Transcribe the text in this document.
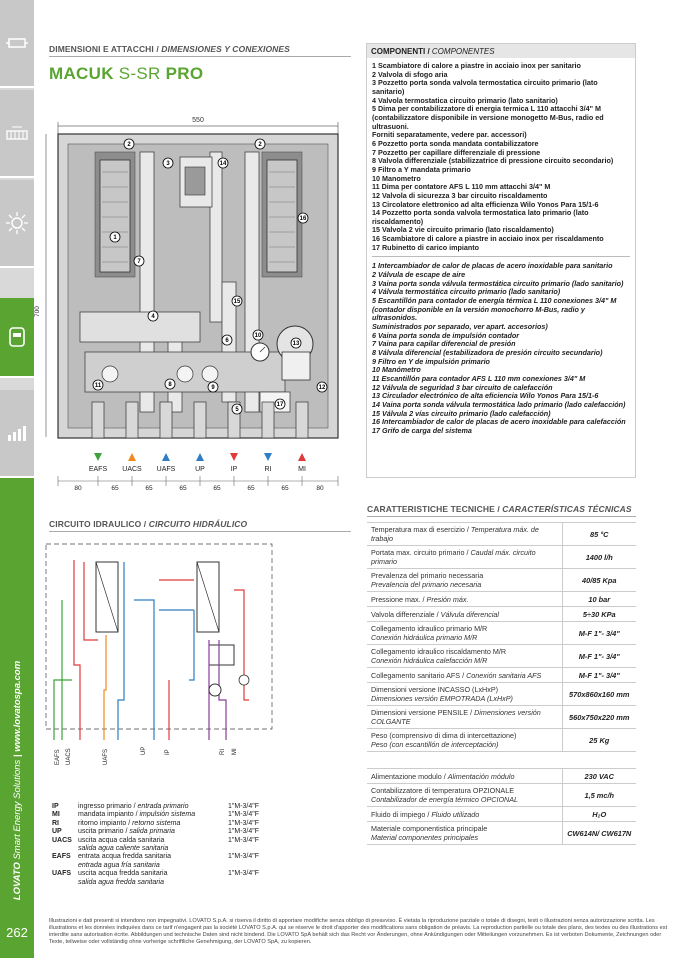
LOVATO Smart Energy Solutions | www.lovatospa.com
262
DIMENSIONI E ATTACCHI / DIMENSIONES Y CONEXIONES
MACUK S-SR PRO
550
700
1
2	2
3
4
5
6
7
8	9
10
11	12
13
14
15
16
17
EAFS UACS UAFS	UP	IP	RI	MI
80	65	65	65	65	65	65	80
COMPONENTI / COMPONENTES
1 Scambiatore di calore a piastre in acciaio inox per sanitario
2 Valvola di sfogo aria
3 Pozzetto porta sonda valvola termostatica circuito primario (lato sanitario)
4 Valvola termostatica circuito primario (lato sanitario)
5 Dima per contabilizzatore di energia termica L 110 attacchi 3/4" M
(contabilizzatore disponibile in versione monogetto M-Bus, radio ed ultrasuoni.
Forniti separatamente, vedere par. accessori)
6 Pozzetto porta sonda mandata contabilizzatore
7 Pozzetto per capillare differenziale di pressione
8 Valvola differenziale (stabilizzatrice di pressione circuito secondario)
9 Filtro a Y mandata primario
10 Manometro
11 Dima per contatore AFS L 110 mm attacchi 3/4" M
12 Valvola di sicurezza 3 bar circuito riscaldamento
13 Circolatore elettronico ad alta efficienza Wilo Yonos Para 15/1-6
14 Pozzetto porta sonda valvola termostatica lato primario (lato riscaldamento)
15 Valvola 2 vie circuito primario (lato riscaldamento)
16 Scambiatore di calore a piastre in acciaio inox per riscaldamento
17 Rubinetto di carico impianto
1 Intercambiador de calor de placas de acero inoxidable para sanitario
2 Válvula de escape de aire
3 Vaina porta sonda válvula termostática circuito primario (lado sanitario)
4 Válvula termostática circuito primario (lado sanitario)
5 Escantillón para contador de energía térmica L 110 conexiones 3/4" M
(contador disponible en la versión monochorro M-Bus, radio y ultrasonidos.
Suministrados por separado, ver apart. accesorios)
6 Vaina porta sonda de impulsión contador
7 Vaina para capilar diferencial de presión
8 Válvula diferencial (estabilizadora de presión circuito secundario)
9 Filtro en Y de impulsión primario
10 Manómetro
11 Escantillón para contador AFS L 110 mm conexiones 3/4" M
12 Válvula de seguridad 3 bar circuito de calefacción
13 Circulador electrónico de alta eficiencia Wilo Yonos Para 15/1-6
14 Vaina porta sonda válvula termostática lado primario (lado calefacción)
15 Válvula 2 vías circuito primario (lado calefacción)
16 Intercambiador de calor de placas de acero inoxidable para calefacción
17 Grifo de carga del sistema
CIRCUITO IDRAULICO / CIRCUITO HIDRÁULICO
EAFS UACS	UAFS	UP	IP	RI MI
IP	ingresso primario / entrada primario	1"M-3/4"F
MI	mandata impianto / impulsión sistema	1"M-3/4"F
RI	ritorno impianto / retorno sistema	1"M-3/4"F
UP	uscita primario / salida primaria	1"M-3/4"F
UACS	uscita acqua calda sanitaria
salida agua caliente sanitaria	1"M-3/4"F
EAFS	entrata acqua fredda sanitaria
entrada agua fría sanitaria	1"M-3/4"F
UAFS	uscita acqua fredda sanitaria
salida agua fredda sanitaria	1"M-3/4"F
CARATTERISTICHE TECNICHE / CARACTERÍSTICAS TÉCNICAS
Temperatura max di esercizio / Temperatura máx. de trabajo	85 °C
Portata max. circuito primario / Caudal máx. circuito primario	1400 l/h
Prevalenza del primario necessaria
Prevalencia del primario necesaria	40/85 Kpa
Pressione max. / Presión máx.	10 bar
Valvola differenziale / Válvula diferencial	5÷30 KPa
Collegamento idraulico primario M/R
Conexión hidráulica primario M/R	M-F 1"- 3/4"
Collegamento idraulico riscaldamento M/R
Conexión hidráulica calefacción M/R	M-F 1"- 3/4"
Collegamento sanitario AFS / Conexión sanitaria AFS	M-F 1"- 3/4"
Dimensioni versione INCASSO (LxHxP)
Dimensiones versión EMPOTRADA (LxHxP)	570x860x160 mm
Dimensioni versione PENSILE / Dimensiones versión COLGANTE	560x750x220 mm
Peso (comprensivo di dima di intercettazione)
Peso (con escantillón de interceptación)	25 Kg
Alimentazione modulo / Alimentación módulo	230 VAC
Contabilizzatore di temperatura OPZIONALE
Contabilizador de energía térmico OPCIONAL	1,5 mc/h
Fluido di impiego / Fluido utilizado	H₂O
Materiale componentistica principale
Material componentes principales	CW614N/ CW617N
Illustrazioni e dati presenti si intendono non impegnativi. LOVATO S.p.A. si riserva il diritto di apportare modifiche senza obbligo di preavviso. È vietata la riproduzione parziale o totale di disegni, testi o illustrazioni senza autorizzazione scritta. Les illustrations et les données indiquées dans ce tarif n'engagent pas la société LOVATO S.p.A. qui se réserve le droit d'apporter des modifications sans obligation de préavis. La reproduction partielle ou totale des plans, des textes ou des illustrations est interdite sans autorisation écrite. Abbildungen und technische Daten sind nicht bindend. Die LOVATO SpA behält sich das Recht vor Änderungen, ohne Ankündigungen oder Mitteilungen vorzunehmen. Es ist verboten Dokumente, Zeichnungen oder Texte, teilweise oder vollständig ohne vorherige schriftliche Genehmigung, der LOVATO SpA, zu kopieren.
